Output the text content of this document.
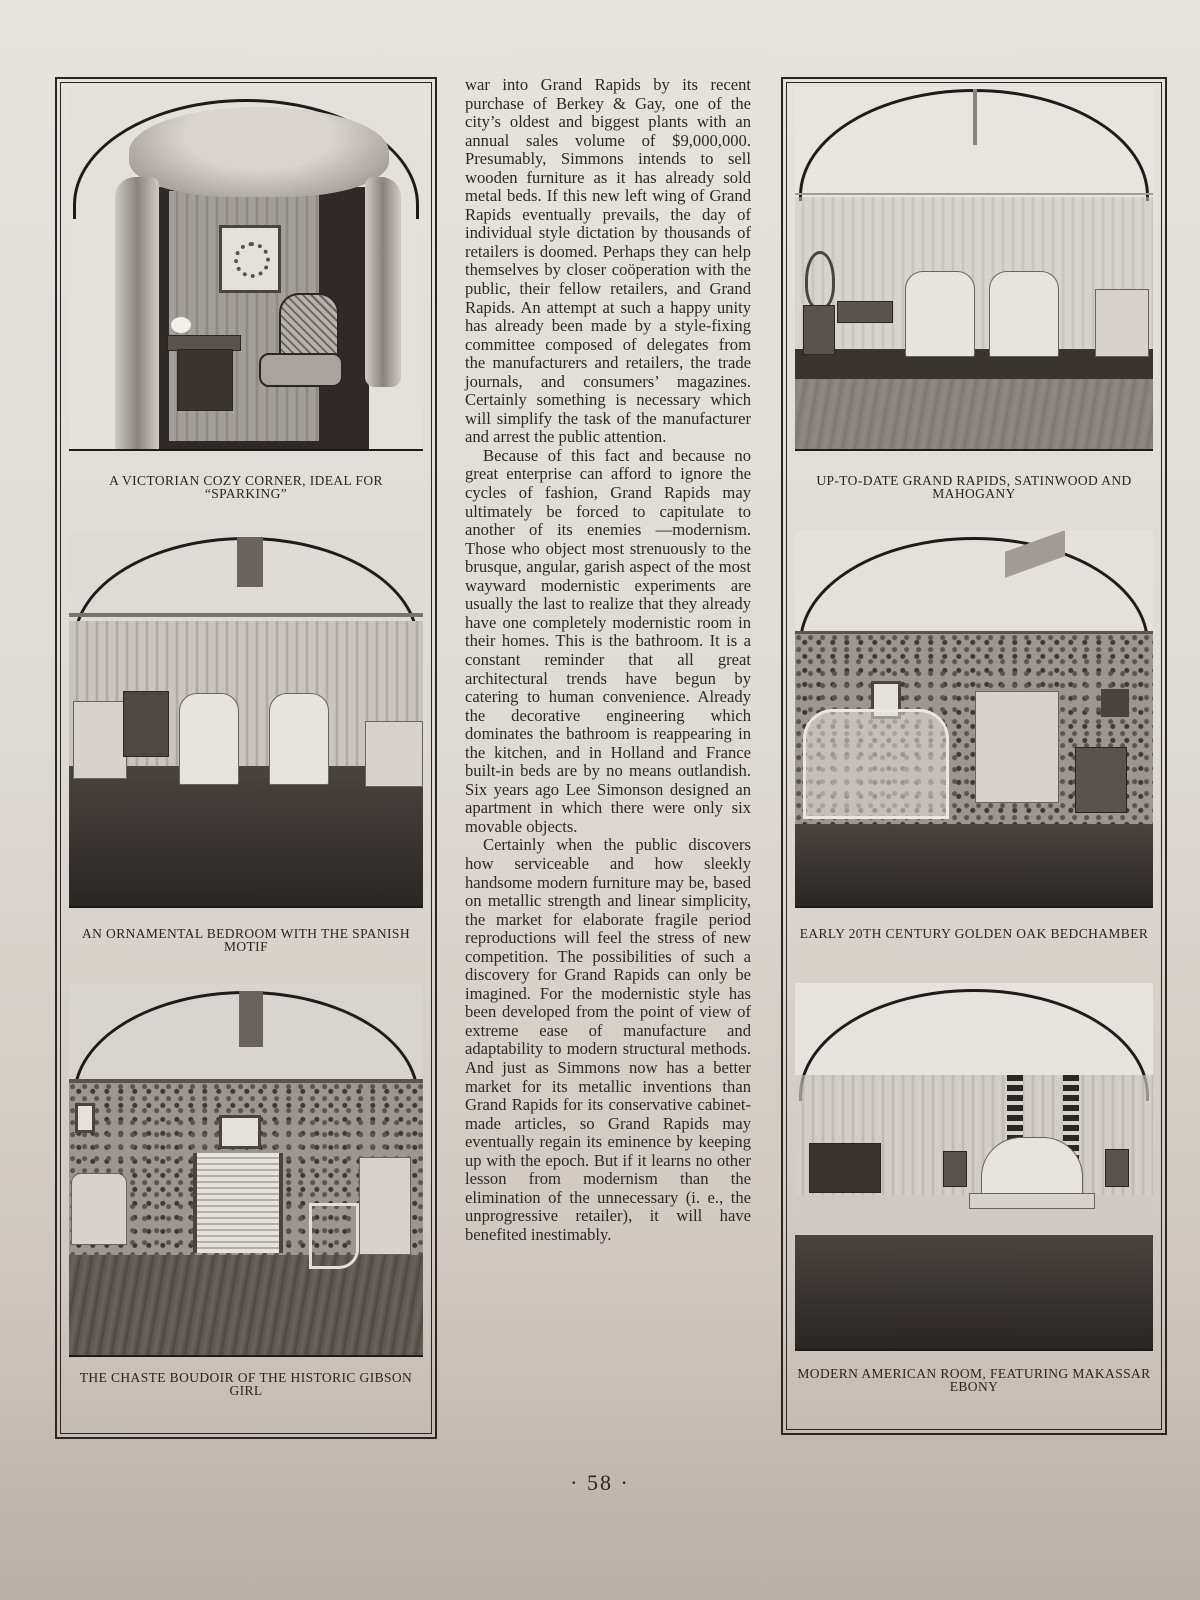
A VICTORIAN COZY CORNER, IDEAL FOR “SPARKING”
AN ORNAMENTAL BEDROOM WITH THE SPANISH MOTIF
THE CHASTE BOUDOIR OF THE HISTORIC GIBSON GIRL

war into Grand Rapids by its recent purchase of Berkey & Gay, one of the city’s oldest and biggest plants with an annual sales volume of $9,000,000. Presumably, Simmons intends to sell wooden furniture as it has already sold metal beds. If this new left wing of Grand Rapids eventually prevails, the day of individual style dictation by thousands of retailers is doomed. Perhaps they can help themselves by closer coöperation with the public, their fellow retailers, and Grand Rapids. An attempt at such a happy unity has already been made by a style-fixing committee composed of delegates from the manufacturers and retailers, the trade journals, and consumers’ magazines. Certainly something is necessary which will simplify the task of the manufacturer and arrest the public attention.

Because of this fact and because no great enterprise can afford to ignore the cycles of fashion, Grand Rapids may ultimately be forced to capitulate to another of its enemies —modernism. Those who object most strenuously to the brusque, angular, garish aspect of the most wayward modernistic experiments are usually the last to realize that they already have one completely modernistic room in their homes. This is the bathroom. It is a constant reminder that all great architectural trends have begun by catering to human convenience. Already the decorative engineering which dominates the bathroom is reappearing in the kitchen, and in Holland and France built-in beds are by no means outlandish. Six years ago Lee Simonson designed an apartment in which there were only six movable objects.

Certainly when the public discovers how serviceable and how sleekly handsome modern furniture may be, based on metallic strength and linear simplicity, the market for elaborate fragile period reproductions will feel the stress of new competition. The possibilities of such a discovery for Grand Rapids can only be imagined. For the modernistic style has been developed from the point of view of extreme ease of manufacture and adaptability to modern structural methods. And just as Simmons now has a better market for its metallic inventions than Grand Rapids for its conservative cabinet-made articles, so Grand Rapids may eventually regain its eminence by keeping up with the epoch. But if it learns no other lesson from modernism than the elimination of the unnecessary (i. e., the unprogressive retailer), it will have benefited inestimably.

UP-TO-DATE GRAND RAPIDS, SATINWOOD AND MAHOGANY
EARLY 20TH CENTURY GOLDEN OAK BEDCHAMBER
MODERN AMERICAN ROOM, FEATURING MAKASSAR EBONY
· 58 ·
